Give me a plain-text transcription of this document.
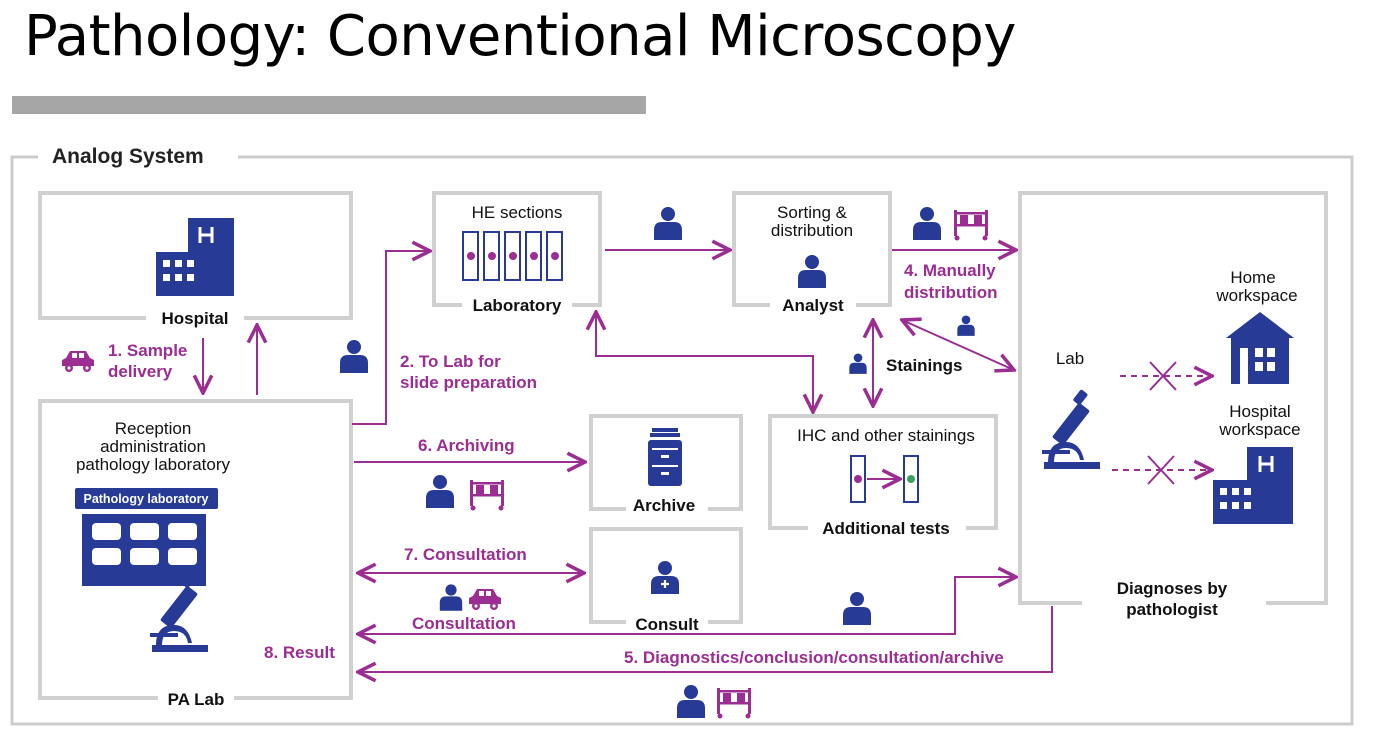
Pathology: Conventional Microscopy
Analog System
Hospital
HE sections
Laboratory
Sorting &
distribution
Analyst
Reception
administration
pathology laboratory
Pathology laboratory
PA Lab
Archive
Consult
IHC and other stainings
Additional tests
Lab
Diagnoses by
pathologist
Home
workspace
Hospital
workspace
1. Sample
delivery
2. To Lab for
slide preparation
4. Manually
distribution
Stainings
6. Archiving
7. Consultation
Consultation
8. Result	5. Diagnostics/conclusion/consultation/archive
